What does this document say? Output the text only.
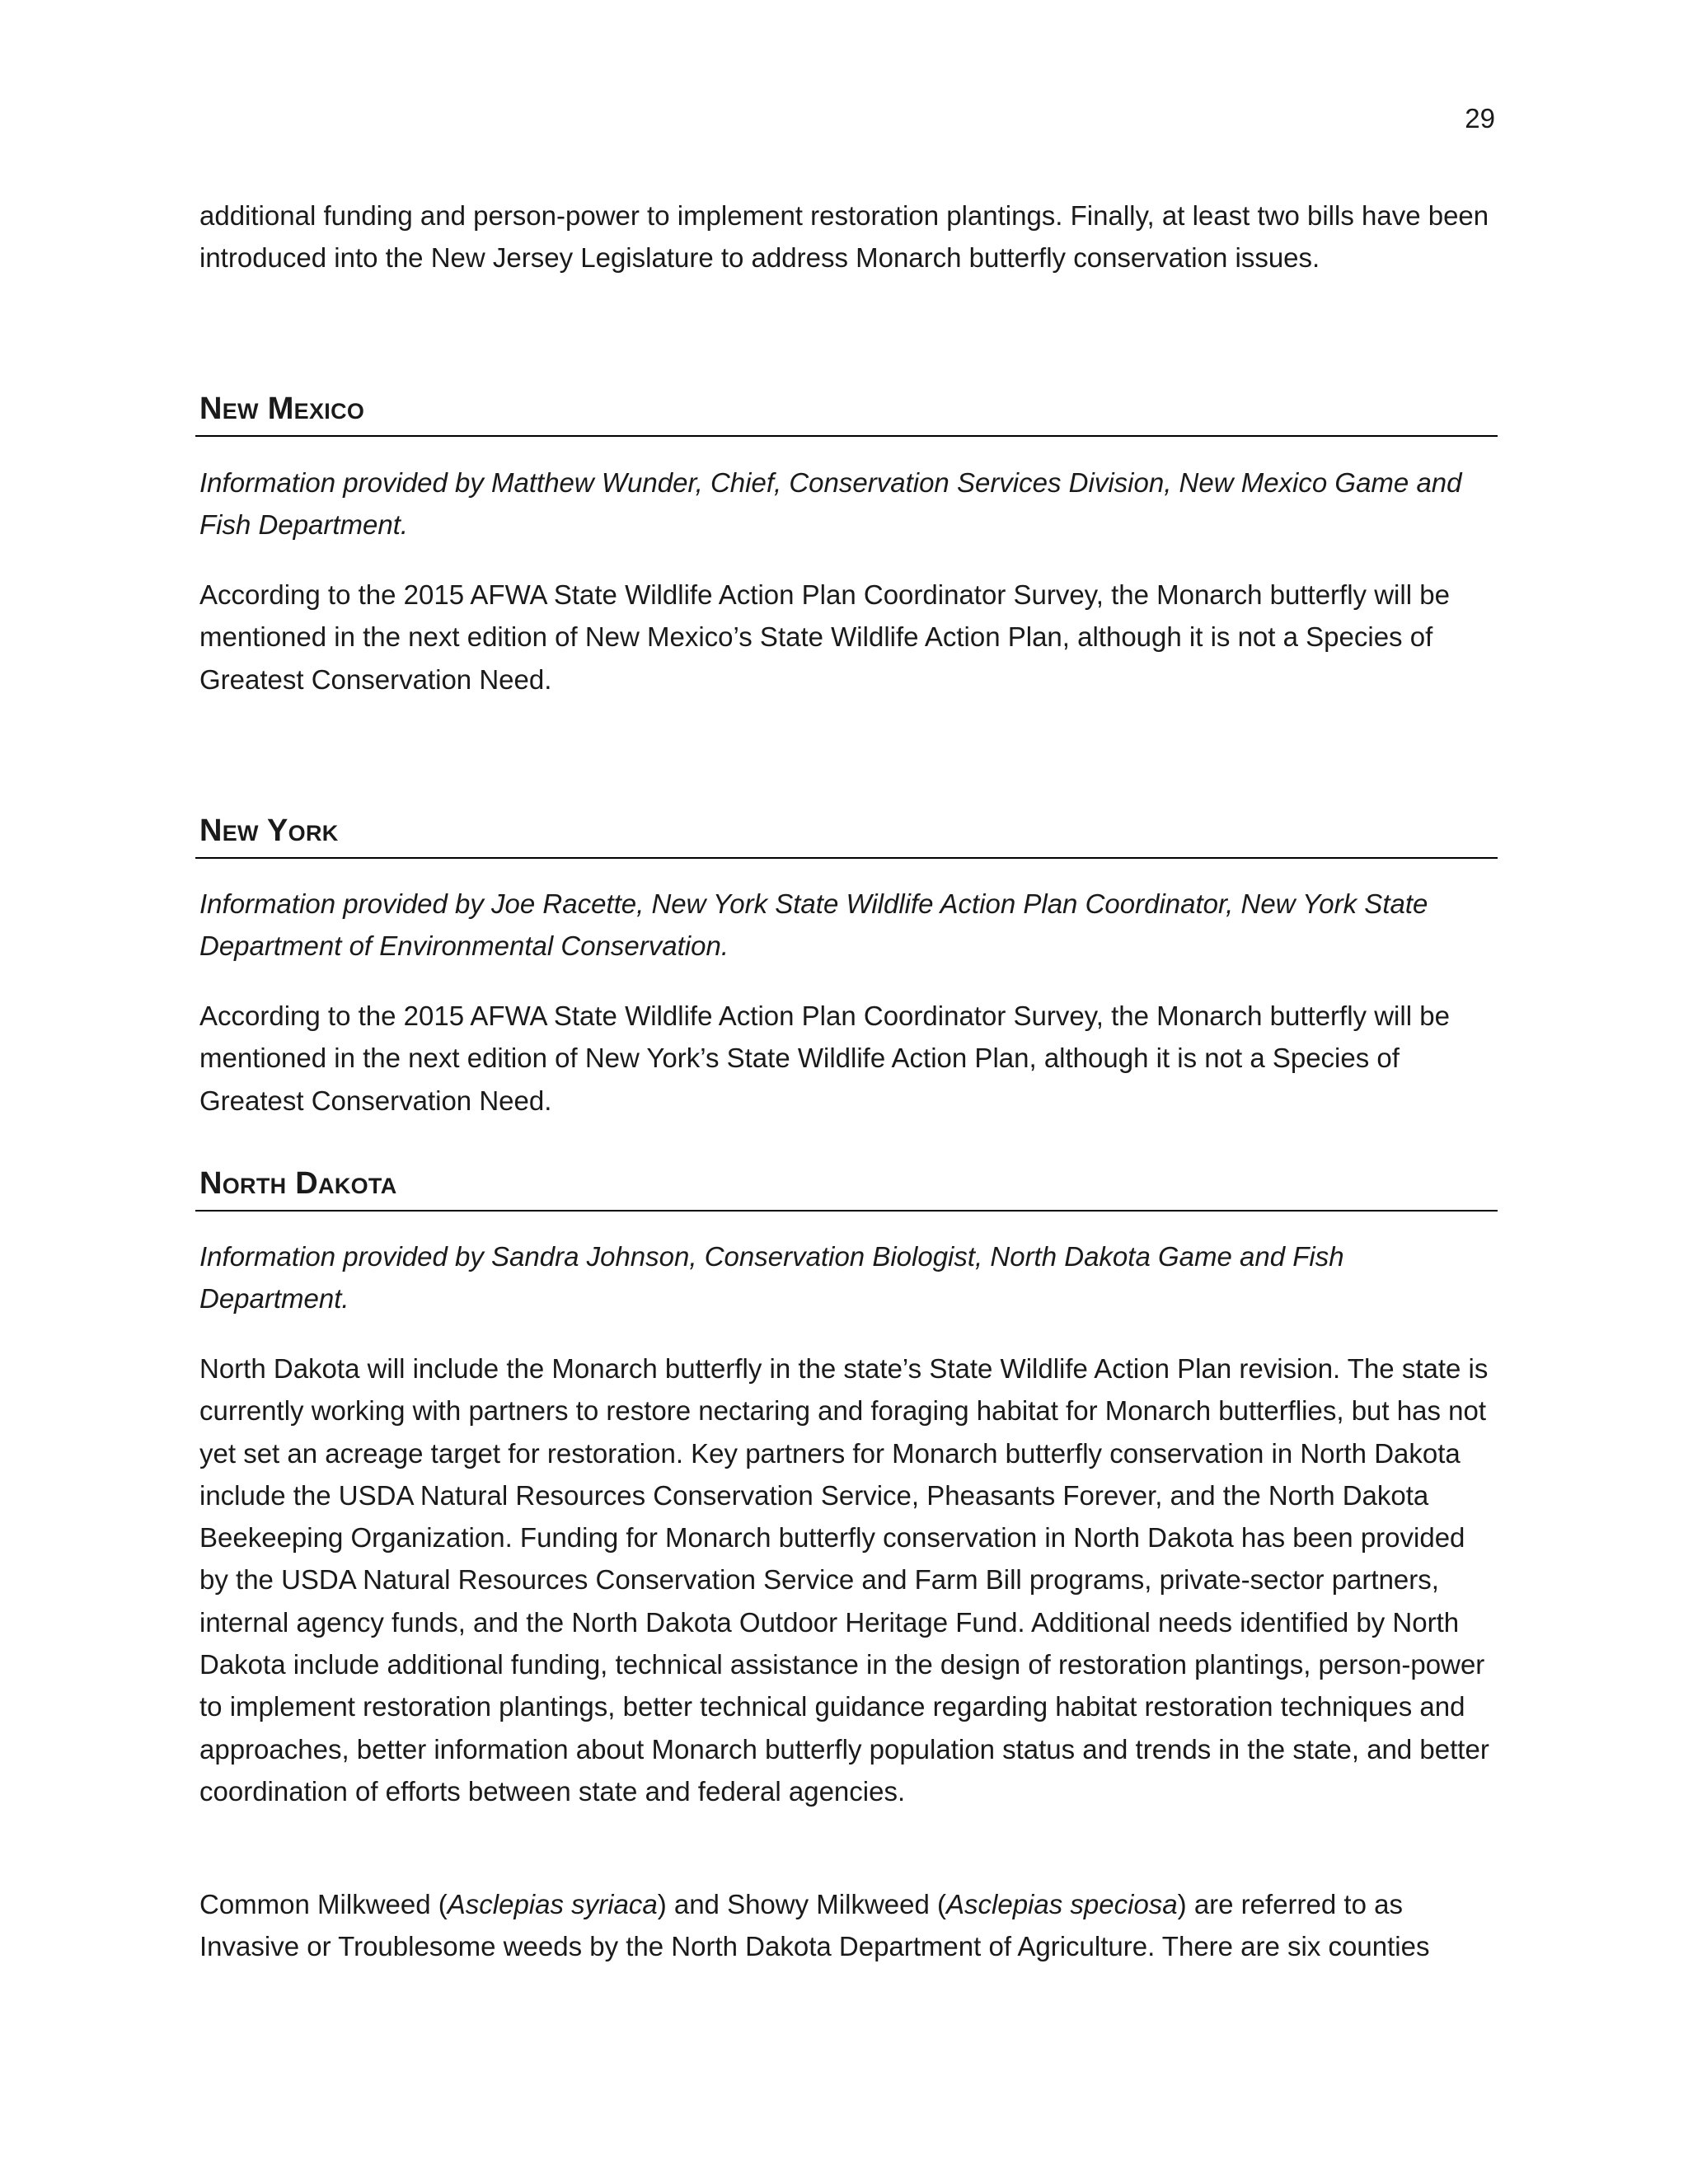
29

additional funding and person-power to implement restoration plantings. Finally, at least two bills have been introduced into the New Jersey Legislature to address Monarch butterfly conservation issues.

New Mexico

Information provided by Matthew Wunder, Chief, Conservation Services Division, New Mexico Game and Fish Department.

According to the 2015 AFWA State Wildlife Action Plan Coordinator Survey, the Monarch butterfly will be mentioned in the next edition of New Mexico’s State Wildlife Action Plan, although it is not a Species of Greatest Conservation Need.

New York

Information provided by Joe Racette, New York State Wildlife Action Plan Coordinator, New York State Department of Environmental Conservation.

According to the 2015 AFWA State Wildlife Action Plan Coordinator Survey, the Monarch butterfly will be mentioned in the next edition of New York’s State Wildlife Action Plan, although it is not a Species of Greatest Conservation Need.

North Dakota

Information provided by Sandra Johnson, Conservation Biologist, North Dakota Game and Fish Department.

North Dakota will include the Monarch butterfly in the state’s State Wildlife Action Plan revision. The state is currently working with partners to restore nectaring and foraging habitat for Monarch butterflies, but has not yet set an acreage target for restoration. Key partners for Monarch butterfly conservation in North Dakota include the USDA Natural Resources Conservation Service, Pheasants Forever, and the North Dakota Beekeeping Organization. Funding for Monarch butterfly conservation in North Dakota has been provided by the USDA Natural Resources Conservation Service and Farm Bill programs, private-sector partners, internal agency funds, and the North Dakota Outdoor Heritage Fund. Additional needs identified by North Dakota include additional funding, technical assistance in the design of restoration plantings, person-power to implement restoration plantings, better technical guidance regarding habitat restoration techniques and approaches, better information about Monarch butterfly population status and trends in the state, and better coordination of efforts between state and federal agencies.

Common Milkweed (Asclepias syriaca) and Showy Milkweed (Asclepias speciosa) are referred to as Invasive or Troublesome weeds by the North Dakota Department of Agriculture. There are six counties
